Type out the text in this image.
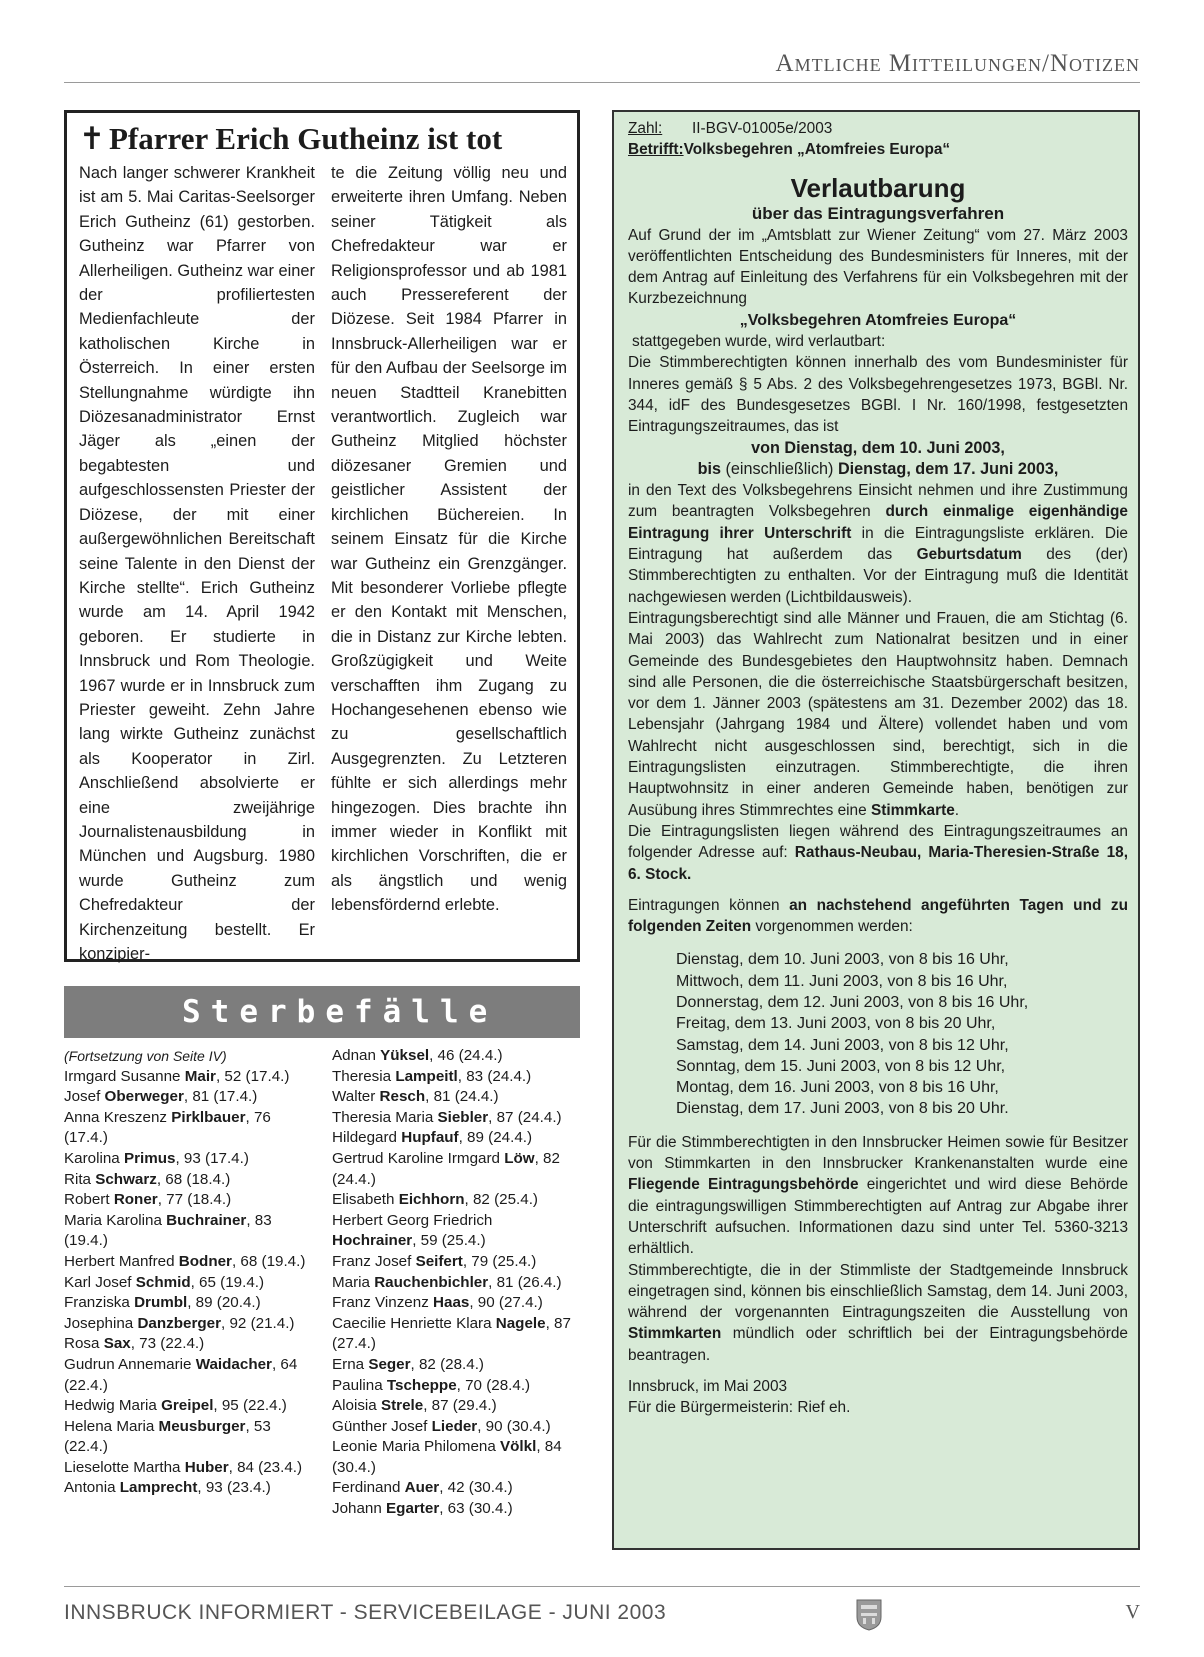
Amtliche Mitteilungen/Notizen
✝ Pfarrer Erich Gutheinz ist tot
Nach langer schwerer Krankheit ist am 5. Mai Caritas-Seelsorger Erich Gutheinz (61) gestorben. Gutheinz war Pfarrer von Allerheiligen. Gutheinz war einer der profiliertesten Medienfachleute der katholischen Kirche in Österreich. In einer ersten Stellungnahme würdigte ihn Diözesanadministrator Ernst Jäger als „einen der begabtesten und aufgeschlossensten Priester der Diözese, der mit einer außergewöhnlichen Bereitschaft seine Talente in den Dienst der Kirche stellte“. Erich Gutheinz wurde am 14. April 1942 geboren. Er studierte in Innsbruck und Rom Theologie. 1967 wurde er in Innsbruck zum Priester geweiht. Zehn Jahre lang wirkte Gutheinz zunächst als Kooperator in Zirl. Anschließend absolvierte er eine zweijährige Journalistenausbildung in München und Augsburg. 1980 wurde Gutheinz zum Chefredakteur der Kirchenzeitung bestellt. Er konzipier-
te die Zeitung völlig neu und erweiterte ihren Umfang. Neben seiner Tätigkeit als Chefredakteur war er Religionsprofessor und ab 1981 auch Pressereferent der Diözese. Seit 1984 Pfarrer in Innsbruck-Allerheiligen war er für den Aufbau der Seelsorge im neuen Stadtteil Kranebitten verantwortlich. Zugleich war Gutheinz Mitglied höchster diözesaner Gremien und geistlicher Assistent der kirchlichen Büchereien. In seinem Einsatz für die Kirche war Gutheinz ein Grenzgänger. Mit besonderer Vorliebe pflegte er den Kontakt mit Menschen, die in Distanz zur Kirche lebten. Großzügigkeit und Weite verschafften ihm Zugang zu Hochangesehenen ebenso wie zu gesellschaftlich Ausgegrenzten. Zu Letzteren fühlte er sich allerdings mehr hingezogen. Dies brachte ihn immer wieder in Konflikt mit kirchlichen Vorschriften, die er als ängstlich und wenig lebensfördernd erlebte.
Sterbefälle
(Fortsetzung von Seite IV)
Irmgard Susanne Mair, 52 (17.4.)
Josef Oberweger, 81 (17.4.)
Anna Kreszenz Pirklbauer, 76 (17.4.)
Karolina Primus, 93 (17.4.)
Rita Schwarz, 68 (18.4.)
Robert Roner, 77 (18.4.)
Maria Karolina Buchrainer, 83 (19.4.)
Herbert Manfred Bodner, 68 (19.4.)
Karl Josef Schmid, 65 (19.4.)
Franziska Drumbl, 89 (20.4.)
Josephina Danzberger, 92 (21.4.)
Rosa Sax, 73 (22.4.)
Gudrun Annemarie Waidacher, 64 (22.4.)
Hedwig Maria Greipel, 95 (22.4.)
Helena Maria Meusburger, 53 (22.4.)
Lieselotte Martha Huber, 84 (23.4.)
Antonia Lamprecht, 93 (23.4.)
Adnan Yüksel, 46 (24.4.)
Theresia Lampeitl, 83 (24.4.)
Walter Resch, 81 (24.4.)
Theresia Maria Siebler, 87 (24.4.)
Hildegard Hupfauf, 89 (24.4.)
Gertrud Karoline Irmgard Löw, 82 (24.4.)
Elisabeth Eichhorn, 82 (25.4.)
Herbert Georg Friedrich Hochrainer, 59 (25.4.)
Franz Josef Seifert, 79 (25.4.)
Maria Rauchenbichler, 81 (26.4.)
Franz Vinzenz Haas, 90 (27.4.)
Caecilie Henriette Klara Nagele, 87 (27.4.)
Erna Seger, 82 (28.4.)
Paulina Tscheppe, 70 (28.4.)
Aloisia Strele, 87 (29.4.)
Günther Josef Lieder, 90 (30.4.)
Leonie Maria Philomena Völkl, 84 (30.4.)
Ferdinand Auer, 42 (30.4.)
Johann Egarter, 63 (30.4.)
Zahl:	II-BGV-01005e/2003
Betrifft:Volksbegehren „Atomfreies Europa“
Verlautbarung
über das Eintragungsverfahren

Auf Grund der im „Amtsblatt zur Wiener Zeitung“ vom 27. März 2003 veröffentlichten Entscheidung des Bundesministers für Inneres, mit der dem Antrag auf Einleitung des Verfahrens für ein Volksbegehren mit der Kurzbezeichnung

„Volksbegehren Atomfreies Europa“

stattgegeben wurde, wird verlautbart:

Die Stimmberechtigten können innerhalb des vom Bundesminister für Inneres gemäß § 5 Abs. 2 des Volksbegehrengesetzes 1973, BGBl. Nr. 344, idF des Bundesgesetzes BGBl. I Nr. 160/1998, festgesetzten Eintragungszeitraumes, das ist

von Dienstag, dem 10. Juni 2003,
bis (einschließlich) Dienstag, dem 17. Juni 2003,

in den Text des Volksbegehrens Einsicht nehmen und ihre Zustimmung zum beantragten Volksbegehren durch einmalige eigenhändige Eintragung ihrer Unterschrift in die Eintragungsliste erklären. Die Eintragung hat außerdem das Geburtsdatum des (der) Stimmberechtigten zu enthalten. Vor der Eintragung muß die Identität nachgewiesen werden (Lichtbildausweis).

Eintragungsberechtigt sind alle Männer und Frauen, die am Stichtag (6. Mai 2003) das Wahlrecht zum Nationalrat besitzen und in einer Gemeinde des Bundesgebietes den Hauptwohnsitz haben. Demnach sind alle Personen, die die österreichische Staatsbürgerschaft besitzen, vor dem 1. Jänner 2003 (spätestens am 31. Dezember 2002) das 18. Lebensjahr (Jahrgang 1984 und Ältere) vollendet haben und vom Wahlrecht nicht ausgeschlossen sind, berechtigt, sich in die Eintragungslisten einzutragen. Stimmberechtigte, die ihren Hauptwohnsitz in einer anderen Gemeinde haben, benötigen zur Ausübung ihres Stimmrechtes eine Stimmkarte.

Die Eintragungslisten liegen während des Eintragungszeitraumes an folgender Adresse auf: Rathaus-Neubau, Maria-Theresien-Straße 18, 6. Stock.

Eintragungen können an nachstehend angeführten Tagen und zu folgenden Zeiten vorgenommen werden:

Dienstag, dem 10. Juni 2003, von 8 bis 16 Uhr,
Mittwoch, dem 11. Juni 2003, von 8 bis 16 Uhr,
Donnerstag, dem 12. Juni 2003, von 8 bis 16 Uhr,
Freitag, dem 13. Juni 2003, von 8 bis 20 Uhr,
Samstag, dem 14. Juni 2003, von 8 bis 12 Uhr,
Sonntag, dem 15. Juni 2003, von 8 bis 12 Uhr,
Montag, dem 16. Juni 2003, von 8 bis 16 Uhr,
Dienstag, dem 17. Juni 2003, von 8 bis 20 Uhr.

Für die Stimmberechtigten in den Innsbrucker Heimen sowie für Besitzer von Stimmkarten in den Innsbrucker Krankenanstalten wurde eine Fliegende Eintragungsbehörde eingerichtet und wird diese Behörde die eintragungswilligen Stimmberechtigten auf Antrag zur Abgabe ihrer Unterschrift aufsuchen. Informationen dazu sind unter Tel. 5360-3213 erhältlich.

Stimmberechtigte, die in der Stimmliste der Stadtgemeinde Innsbruck eingetragen sind, können bis einschließlich Samstag, dem 14. Juni 2003, während der vorgenannten Eintragungszeiten die Ausstellung von Stimmkarten mündlich oder schriftlich bei der Eintragungsbehörde beantragen.

Innsbruck, im Mai 2003

Für die Bürgermeisterin: Rief eh.

INNSBRUCK INFORMIERT - SERVICEBEILAGE - JUNI 2003	V
